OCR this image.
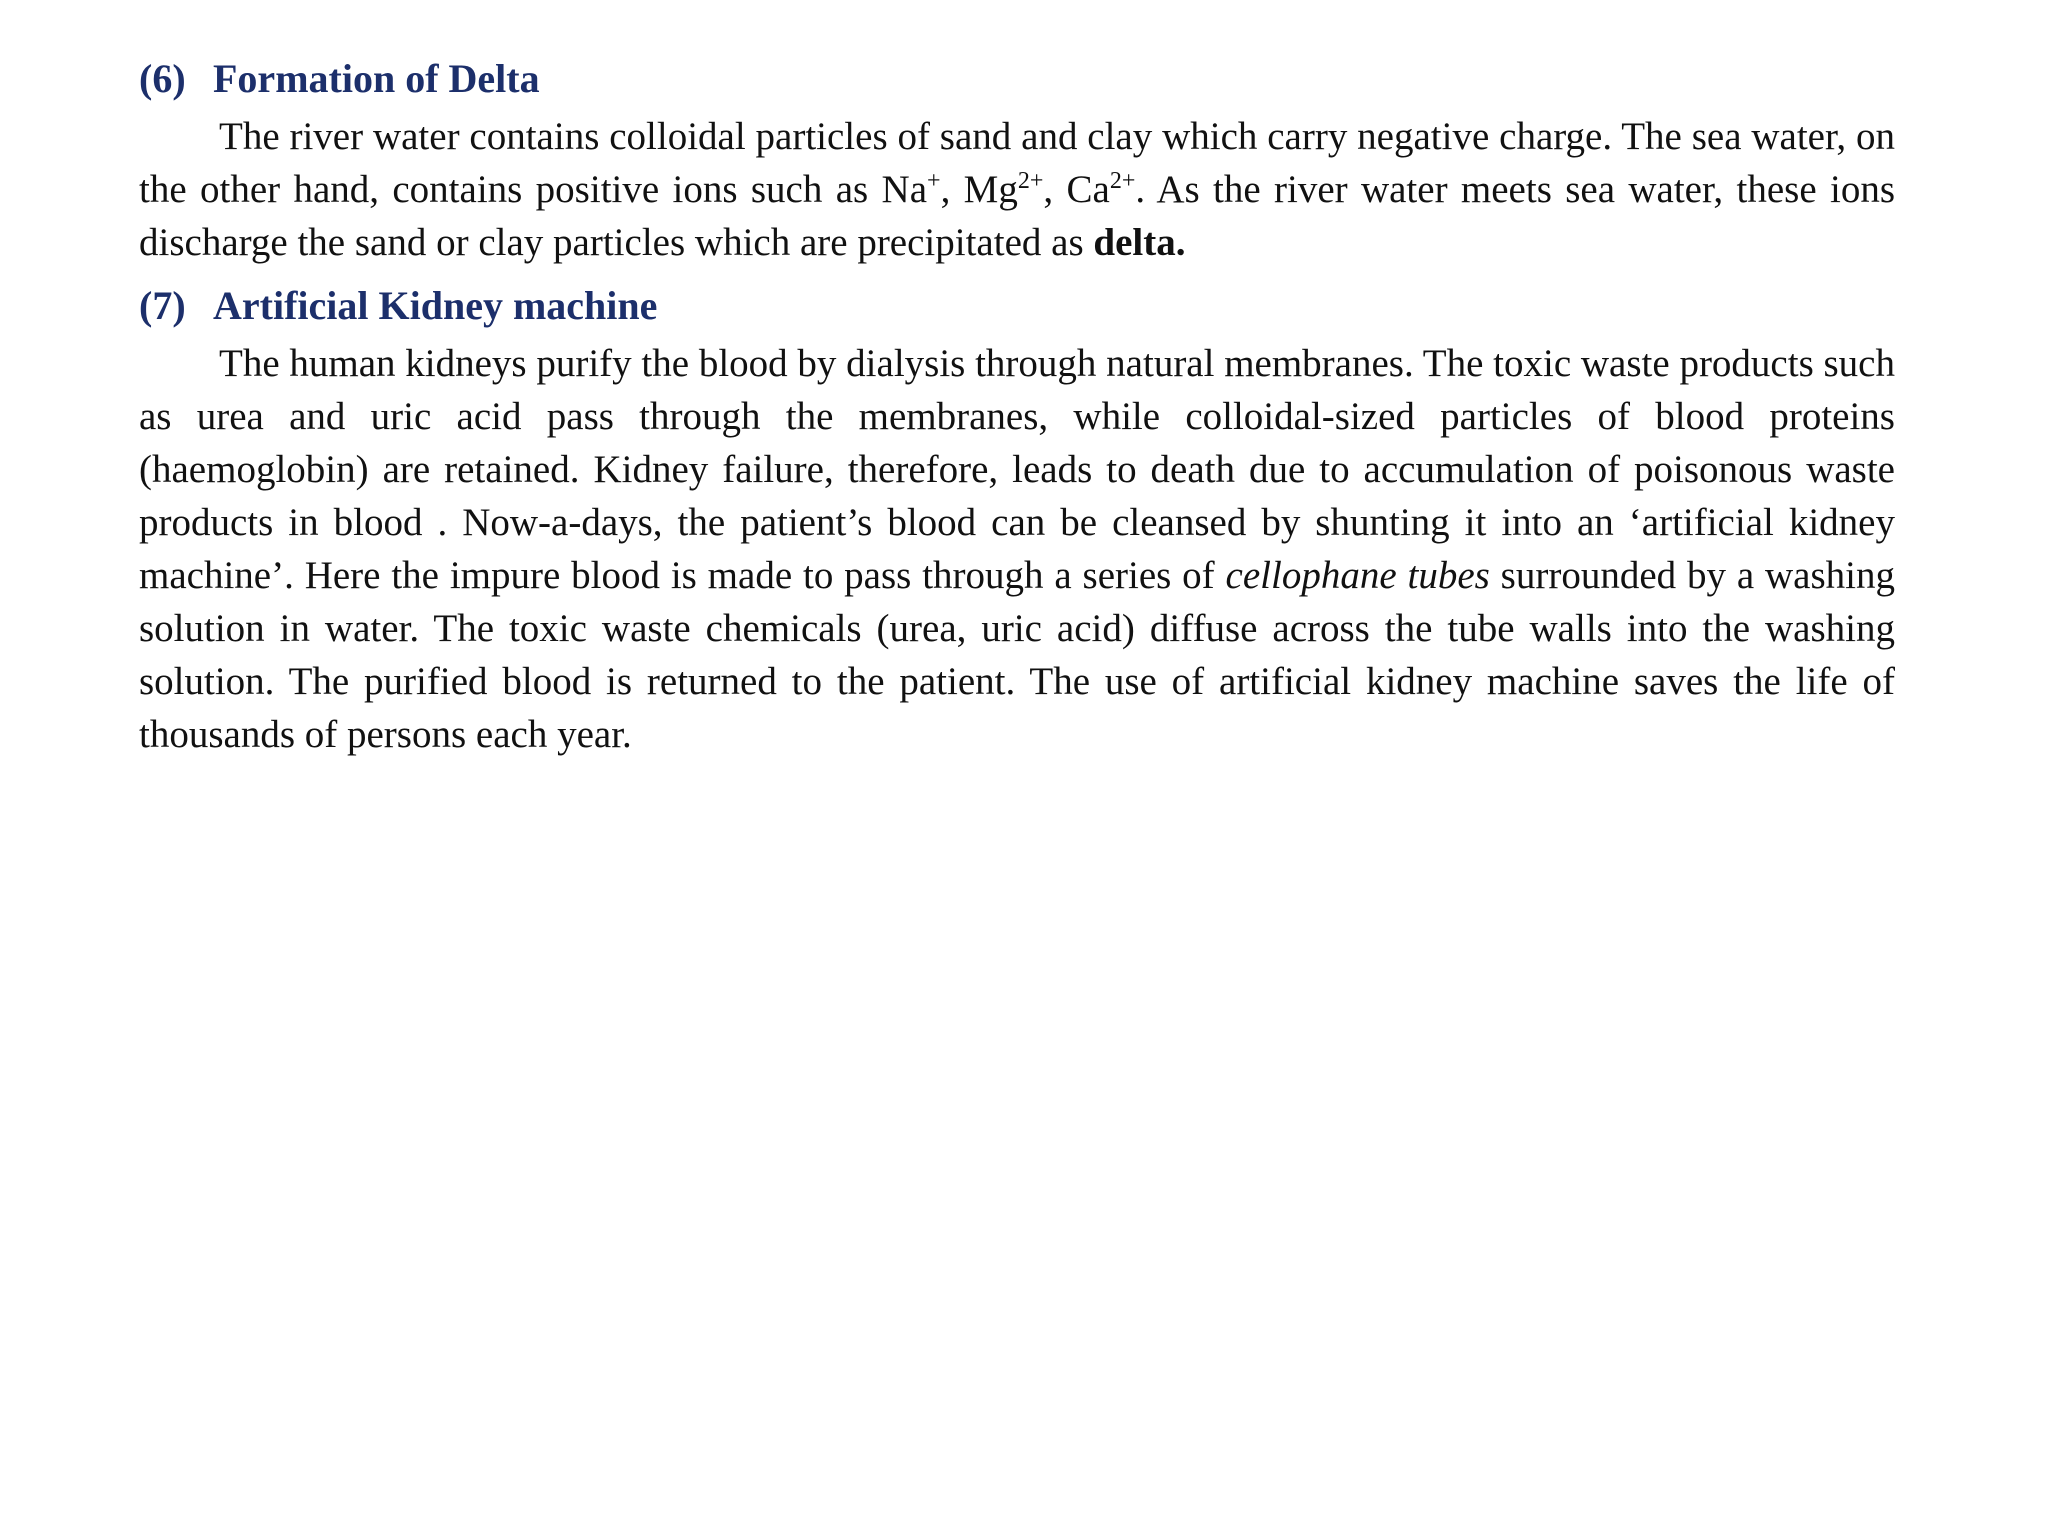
(6) Formation of Delta

The river water contains colloidal particles of sand and clay which carry negative charge. The sea water, on the other hand, contains positive ions such as Na+, $Mg^{2+}$, $Ca^{2+}$. As the river water meets sea water, these ions discharge the sand or clay particles which are precipitated as delta.

(7) Artificial Kidney machine

The human kidneys purify the blood by dialysis through natural membranes. The toxic waste products such as urea and uric acid pass through the membranes, while colloidal-sized particles of blood proteins (haemoglobin) are retained. Kidney failure, therefore, leads to death due to accumulation of poisonous waste products in blood . Now-a-days, the patient’s blood can be cleansed by shunting it into an ‘artificial kidney machine’. Here the impure blood is made to pass through a series of cellophane tubes surrounded by a washing solution in water. The toxic waste chemicals (urea, uric acid) diffuse across the tube walls into the washing solution. The purified blood is returned to the patient. The use of artificial kidney machine saves the life of thousands of persons each year.
